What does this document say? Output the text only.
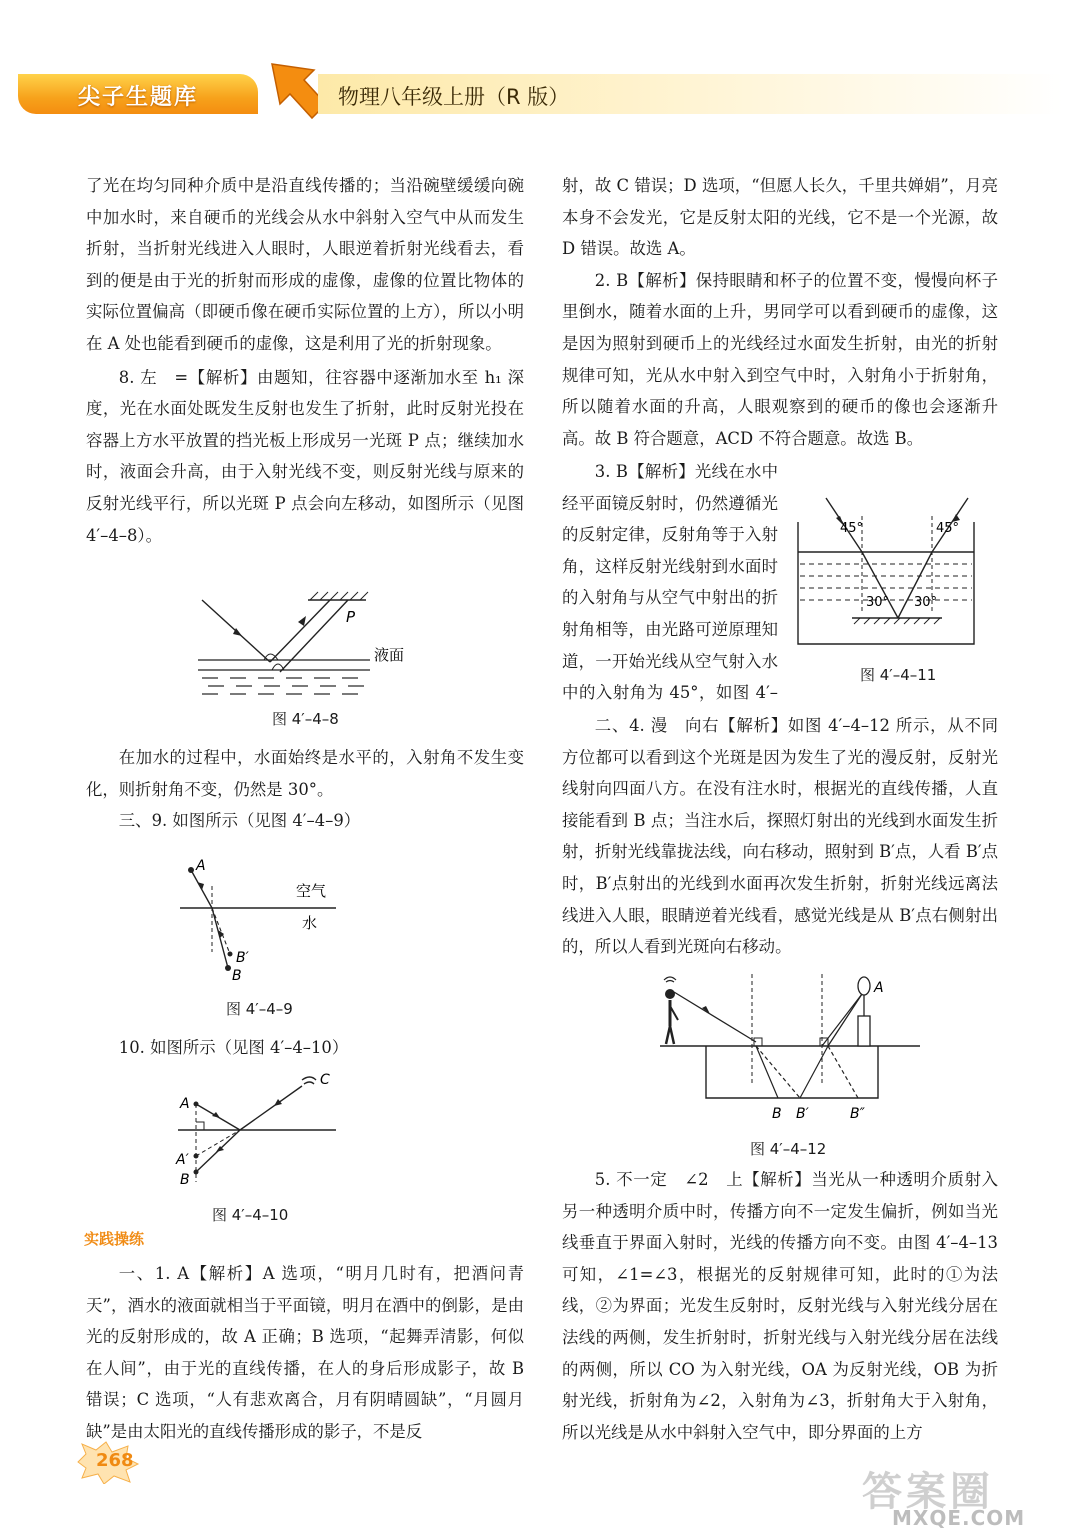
尖子生题库	物理八年级上册（R 版）

了光在均匀同种介质中是沿直线传播的；当沿碗壁缓缓向碗中加水时，来自硬币的光线会从水中斜射入空气中从而发生折射，当折射光线进入人眼时，人眼逆着折射光线看去，看到的便是由于光的折射而形成的虚像，虚像的位置比物体的实际位置偏高（即硬币像在硬币实际位置的上方），所以小明在 A 处也能看到硬币的虚像，这是利用了光的折射现象。

8. 左　=【解析】由题知，往容器中逐渐加水至 h₁ 深度，光在水面处既发生反射也发生了折射，此时反射光投在容器上方水平放置的挡光板上形成另一光斑 P 点；继续加水时，液面会升高，由于入射光线不变，则反射光线与原来的反射光线平行，所以光斑 P 点会向左移动，如图所示（见图 4′–4–8）。

P
液面
图 4′–4–8

在加水的过程中，水面始终是水平的，入射角不发生变化，则折射角不变，仍然是 30°。

三、9. 如图所示（见图 4′–4–9）

A
空气
水
B′
B
图 4′–4–9

10. 如图所示（见图 4′–4–10）

A
A′
B
C
图 4′–4–10
实践操练

一、1. A【解析】A 选项，“明月几时有，把酒问青天”，酒水的液面就相当于平面镜，明月在酒中的倒影，是由光的反射形成的，故 A 正确；B 选项，“起舞弄清影，何似在人间”，由于光的直线传播，在人的身后形成影子，故 B 错误；C 选项，“人有悲欢离合，月有阴晴圆缺”，“月圆月缺”是由太阳光的直线传播形成的影子，不是反

射，故 C 错误；D 选项，“但愿人长久，千里共婵娟”，月亮本身不会发光，它是反射太阳的光线，它不是一个光源，故 D 错误。故选 A。

2. B【解析】保持眼睛和杯子的位置不变，慢慢向杯子里倒水，随着水面的上升，男同学可以看到硬币的虚像，这是因为照射到硬币上的光线经过水面发生折射，由光的折射规律可知，光从水中射入到空气中时，入射角小于折射角，所以随着水面的升高，人眼观察到的硬币的像也会逐渐升高。故 B 符合题意，ACD 不符合题意。故选 B。

3. B【解析】光线在水中经平面镜反射时，仍然遵循光的反射定律，反射角等于入射角，这样反射光线射到水面时的入射角与从空气中射出的折射角相等，由光路可逆原理知道，一开始光线从空气射入水中的入射角为 45°，如图 4′–

45°	45°
30° 30°
图 4′–4–11

二、4. 漫　向右【解析】如图 4′–4–12 所示，从不同方位都可以看到这个光斑是因为发生了光的漫反射，反射光线射向四面八方。在没有注水时，根据光的直线传播，人直接能看到 B 点；当注水后，探照灯射出的光线到水面发生折射，折射光线靠拢法线，向右移动，照射到 B′点，人看 B′点时，B′点射出的光线到水面再次发生折射，折射光线远离法线进入人眼，眼睛逆着光线看，感觉光线是从 B′点右侧射出的，所以人看到光斑向右移动。

A
B B′	B″
图 4′–4–12

5. 不一定　∠2　上【解析】当光从一种透明介质射入另一种透明介质中时，传播方向不一定发生偏折，例如当光线垂直于界面入射时，光线的传播方向不变。由图 4′–4–13 可知，∠1=∠3，根据光的反射规律可知，此时的①为法线，②为界面；光发生反射时，反射光线与入射光线分居在法线的两侧，发生折射时，折射光线与入射光线分居在法线的两侧，所以 CO 为入射光线，OA 为反射光线，OB 为折射光线，折射角为∠2，入射角为∠3，折射角大于入射角，所以光线是从水中斜射入空气中，即分界面的上方

268
答案圈
MXQE.COM
